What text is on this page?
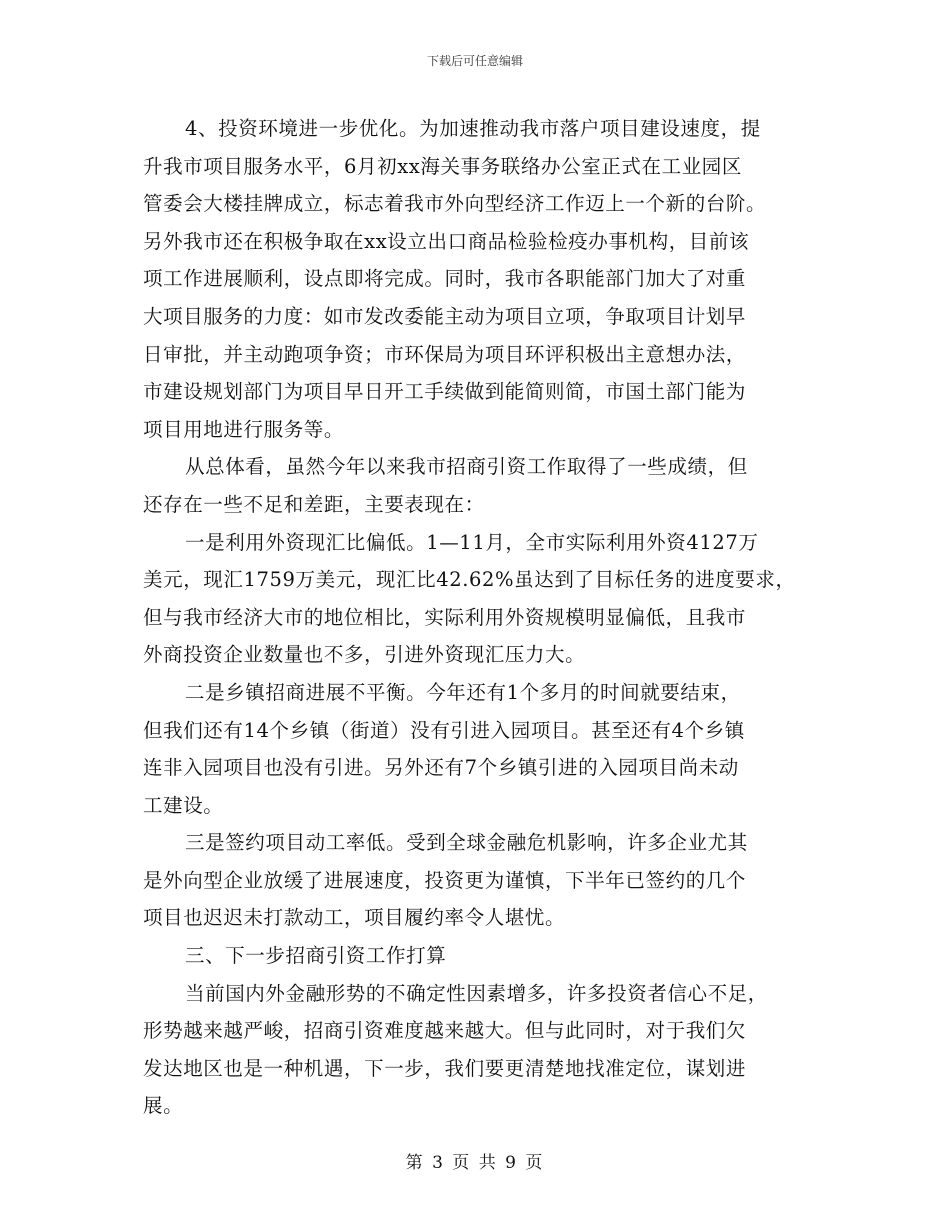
下载后可任意编辑
4、投资环境进一步优化。为加速推动我市落户项目建设速度，提
升我市项目服务水平，6月初xx海关事务联络办公室正式在工业园区
管委会大楼挂牌成立，标志着我市外向型经济工作迈上一个新的台阶。
另外我市还在积极争取在xx设立出口商品检验检疫办事机构，目前该
项工作进展顺利，设点即将完成。同时，我市各职能部门加大了对重
大项目服务的力度：如市发改委能主动为项目立项，争取项目计划早
日审批，并主动跑项争资；市环保局为项目环评积极出主意想办法，
市建设规划部门为项目早日开工手续做到能简则简，市国土部门能为
项目用地进行服务等。
从总体看，虽然今年以来我市招商引资工作取得了一些成绩，但
还存在一些不足和差距，主要表现在：
一是利用外资现汇比偏低。1—11月，全市实际利用外资4127万
美元，现汇1759万美元，现汇比42.62%虽达到了目标任务的进度要求，
但与我市经济大市的地位相比，实际利用外资规模明显偏低，且我市
外商投资企业数量也不多，引进外资现汇压力大。
二是乡镇招商进展不平衡。今年还有1个多月的时间就要结束，
但我们还有14个乡镇（街道）没有引进入园项目。甚至还有4个乡镇
连非入园项目也没有引进。另外还有7个乡镇引进的入园项目尚未动
工建设。
三是签约项目动工率低。受到全球金融危机影响，许多企业尤其
是外向型企业放缓了进展速度，投资更为谨慎，下半年已签约的几个
项目也迟迟未打款动工，项目履约率令人堪忧。
三、下一步招商引资工作打算
当前国内外金融形势的不确定性因素增多，许多投资者信心不足，
形势越来越严峻，招商引资难度越来越大。但与此同时，对于我们欠
发达地区也是一种机遇，下一步，我们要更清楚地找准定位，谋划进
展。
第 3 页 共 9 页
